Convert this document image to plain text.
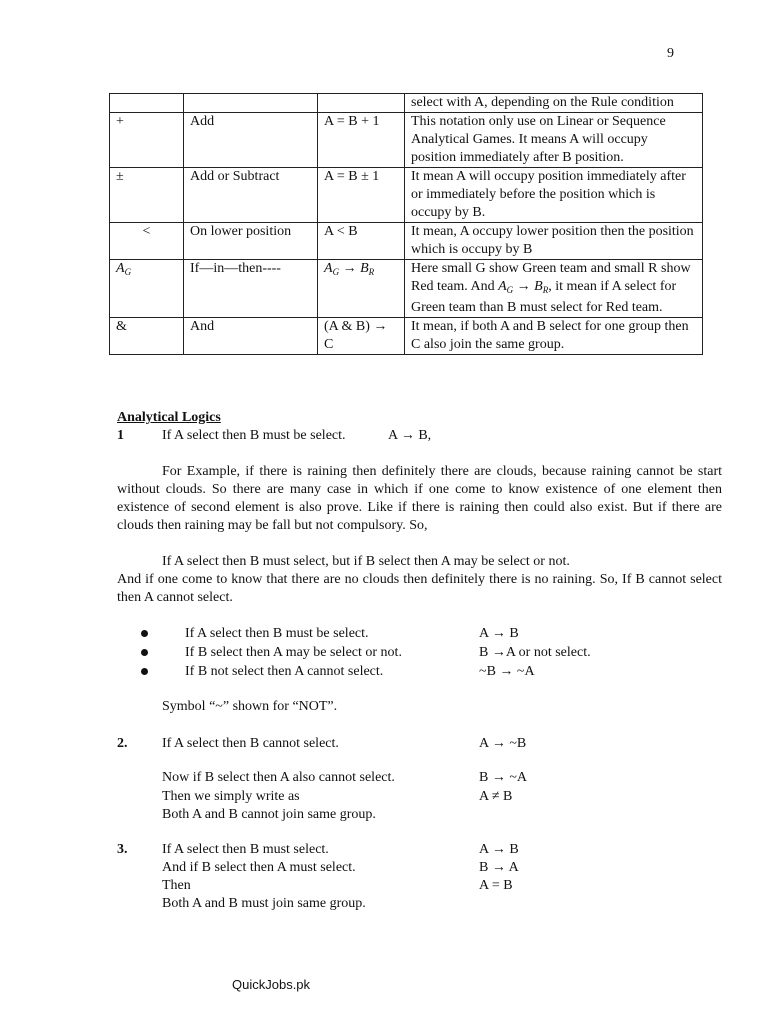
9
			select with A, depending on the Rule condition
+	Add	A = B + 1	This notation only use on Linear or Sequence Analytical Games. It means A will occupy position immediately after B position.
±	Add or Subtract	A = B ± 1	It mean A will occupy position immediately after or immediately before the position which is occupy by B.
<	On lower position	A < B	It mean, A occupy lower position then the position which is occupy by B
$A_G$	If—in—then----	$A_G \to B_R$	Here small G show Green team and small R show Red team. And $A_G \to B_R$, it mean if A select for Green team than B must select for Red team.
&	And	(A & B) → C	It mean, if both A and B select for one group then C also join the same group.
Analytical Logics
1	If A select then B must be select.	A → B,
For Example, if there is raining then definitely there are clouds, because raining cannot be start without clouds. So there are many case in which if one come to know existence of one element then existence of second element is also prove. Like if there is raining then could also exist. But if there are clouds then raining may be fall but not compulsory. So,
If A select then B must select, but if B select then A may be select or not.
And if one come to know that there are no clouds then definitely there is no raining. So, If B cannot select then A cannot select.
If A select then B must be select.	A → B
If B select then A may be select or not.	B →A or not select.
If B not select then A cannot select.	~B → ~A
Symbol “~” shown for “NOT”.
2. If A select then B cannot select.	A → ~B
Now if B select then A also cannot select.	B → ~A
Then we simply write as	A ≠ B
Both A and B cannot join same group.
3. If A select then B must select.	A → B
And if B select then A must select.	B → A
Then	A = B
Both A and B must join same group.
QuickJobs.pk
